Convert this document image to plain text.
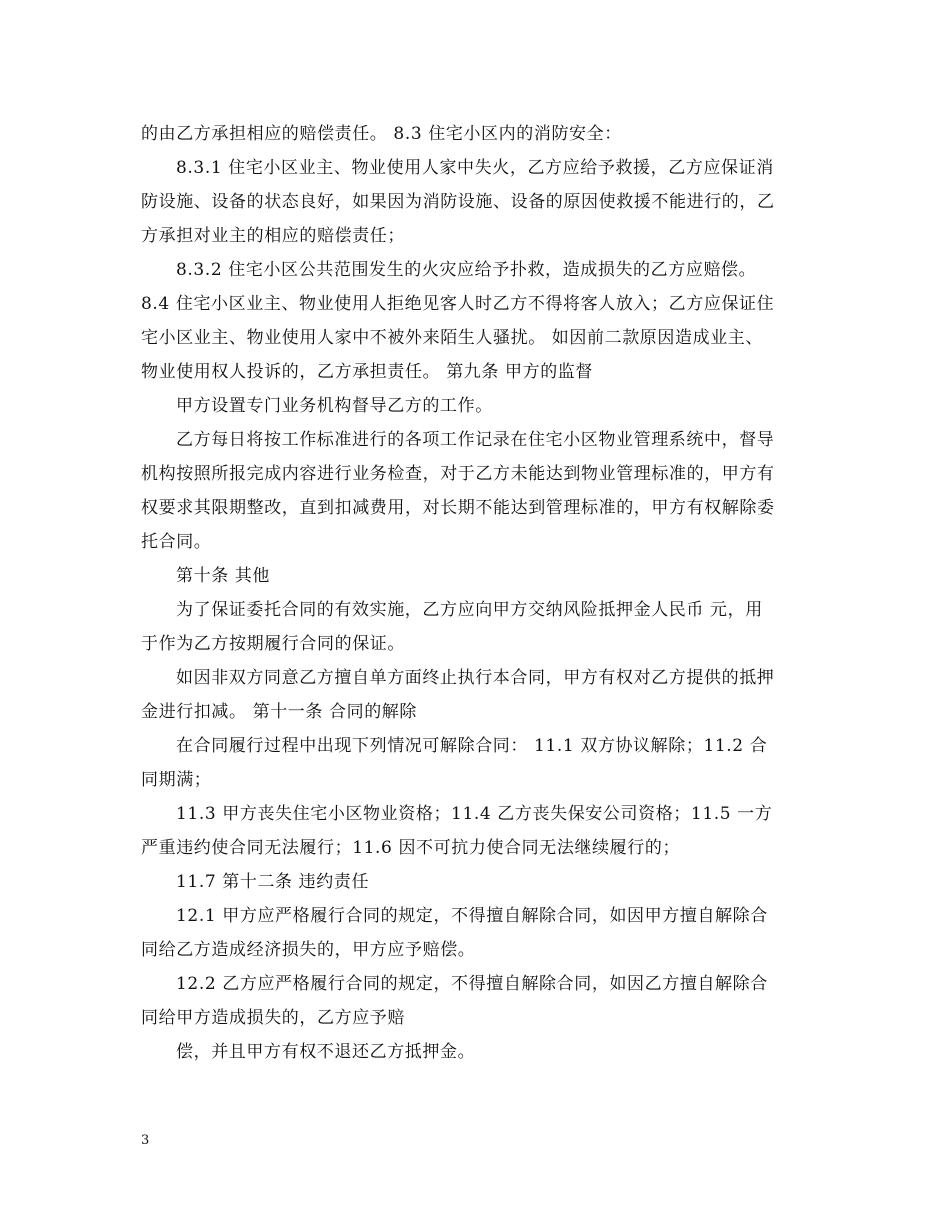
的由乙方承担相应的赔偿责任。 8.3 住宅小区内的消防安全：
8.3.1 住宅小区业主、物业使用人家中失火，乙方应给予救援，乙方应保证消
防设施、设备的状态良好，如果因为消防设施、设备的原因使救援不能进行的，乙
方承担对业主的相应的赔偿责任；
8.3.2 住宅小区公共范围发生的火灾应给予扑救，造成损失的乙方应赔偿。
8.4 住宅小区业主、物业使用人拒绝见客人时乙方不得将客人放入；乙方应保证住
宅小区业主、物业使用人家中不被外来陌生人骚扰。 如因前二款原因造成业主、
物业使用权人投诉的，乙方承担责任。 第九条 甲方的监督
甲方设置专门业务机构督导乙方的工作。
乙方每日将按工作标准进行的各项工作记录在住宅小区物业管理系统中，督导
机构按照所报完成内容进行业务检查，对于乙方未能达到物业管理标准的，甲方有
权要求其限期整改，直到扣减费用，对长期不能达到管理标准的，甲方有权解除委
托合同。
第十条 其他
为了保证委托合同的有效实施，乙方应向甲方交纳风险抵押金人民币 元，用
于作为乙方按期履行合同的保证。
如因非双方同意乙方擅自单方面终止执行本合同，甲方有权对乙方提供的抵押
金进行扣减。 第十一条 合同的解除
在合同履行过程中出现下列情况可解除合同： 11.1 双方协议解除；11.2 合
同期满；
11.3 甲方丧失住宅小区物业资格；11.4 乙方丧失保安公司资格；11.5 一方
严重违约使合同无法履行；11.6 因不可抗力使合同无法继续履行的；
11.7 第十二条 违约责任
12.1 甲方应严格履行合同的规定，不得擅自解除合同，如因甲方擅自解除合
同给乙方造成经济损失的，甲方应予赔偿。
12.2 乙方应严格履行合同的规定，不得擅自解除合同，如因乙方擅自解除合
同给甲方造成损失的，乙方应予赔
偿，并且甲方有权不退还乙方抵押金。
3
